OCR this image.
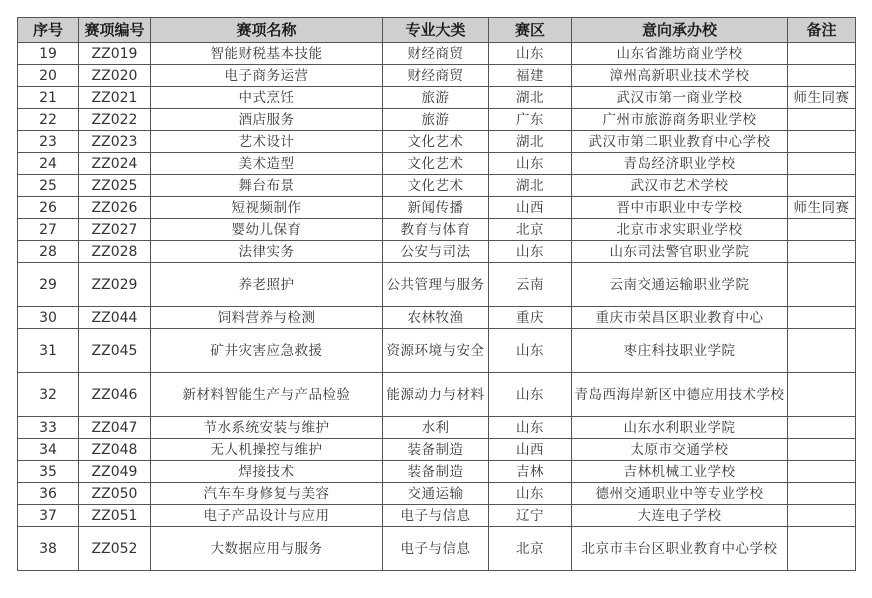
序号	赛项编号	赛项名称	专业大类	赛区	意向承办校	备注
19	ZZ019	智能财税基本技能	财经商贸	山东	山东省潍坊商业学校	
20	ZZ020	电子商务运营	财经商贸	福建	漳州高新职业技术学校	
21	ZZ021	中式烹饪	旅游	湖北	武汉市第一商业学校	师生同赛
22	ZZ022	酒店服务	旅游	广东	广州市旅游商务职业学校	
23	ZZ023	艺术设计	文化艺术	湖北	武汉市第二职业教育中心学校	
24	ZZ024	美术造型	文化艺术	山东	青岛经济职业学校	
25	ZZ025	舞台布景	文化艺术	湖北	武汉市艺术学校	
26	ZZ026	短视频制作	新闻传播	山西	晋中市职业中专学校	师生同赛
27	ZZ027	婴幼儿保育	教育与体育	北京	北京市求实职业学校	
28	ZZ028	法律实务	公安与司法	山东	山东司法警官职业学院	
29	ZZ029	养老照护	公共管理与服务	云南	云南交通运输职业学院	
30	ZZ044	饲料营养与检测	农林牧渔	重庆	重庆市荣昌区职业教育中心	
31	ZZ045	矿井灾害应急救援	资源环境与安全	山东	枣庄科技职业学院	
32	ZZ046	新材料智能生产与产品检验	能源动力与材料	山东	青岛西海岸新区中德应用技术学校	
33	ZZ047	节水系统安装与维护	水利	山东	山东水利职业学院	
34	ZZ048	无人机操控与维护	装备制造	山西	太原市交通学校	
35	ZZ049	焊接技术	装备制造	吉林	吉林机械工业学校	
36	ZZ050	汽车车身修复与美容	交通运输	山东	德州交通职业中等专业学校	
37	ZZ051	电子产品设计与应用	电子与信息	辽宁	大连电子学校	
38	ZZ052	大数据应用与服务	电子与信息	北京	北京市丰台区职业教育中心学校	
